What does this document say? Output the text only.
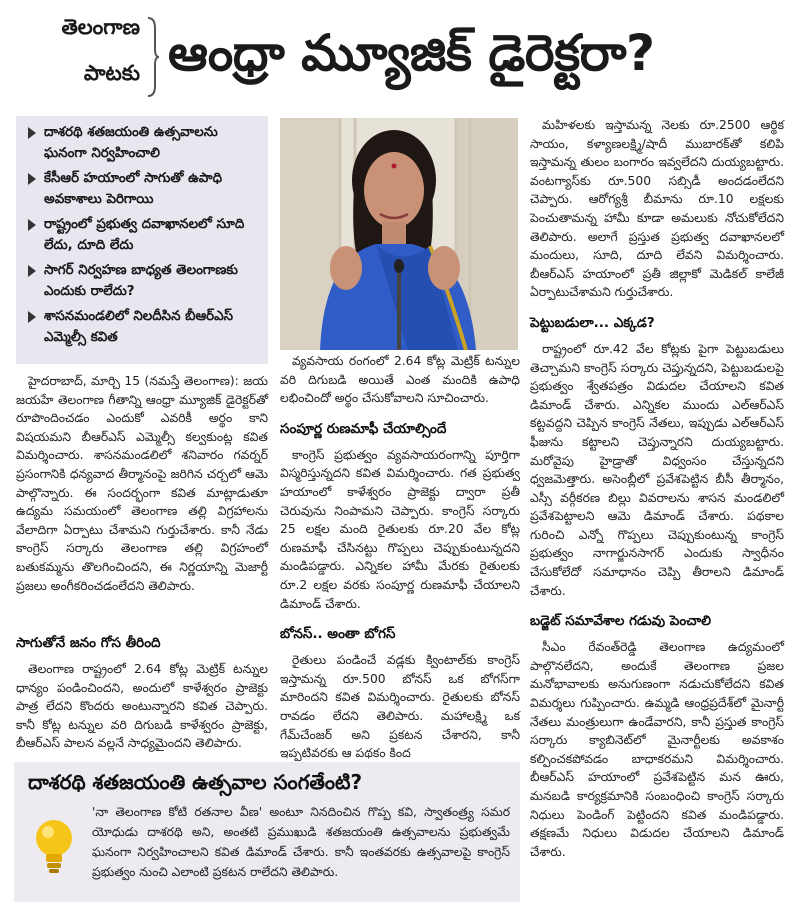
తెలంగాణ
పాటకు ఆంధ్రా మ్యూజిక్ డైరెక్టరా?
దాశరథి శతజయంతి ఉత్సవాలను ఘనంగా నిర్వహించాలి
కేసీఆర్ హయాంలో సాగుతో ఉపాధి అవకాశాలు పెరిగాయి
రాష్ట్రంలో ప్రభుత్వ దవాఖానలలో సూది లేదు, దూది లేదు
సాగర్ నిర్వహణ బాధ్యత తెలంగాణకు ఎందుకు రాలేదు?
శాసనమండలిలో నిలదీసిన బీఆర్ఎస్ ఎమ్మెల్సీ కవిత

హైదరాబాద్, మార్చి 15 (నమస్తే తెలంగాణ): జయ జయహే తెలంగాణ గీతాన్ని ఆంధ్రా మ్యూజిక్ డైరెక్టర్‌తో రూపొందించడం ఎందుకో ఎవరికీ అర్థం కాని విషయమని బీఆర్ఎస్ ఎమ్మెల్సీ కల్వకుంట్ల కవిత విమర్శించారు. శాసనమండలిలో శనివారం గవర్నర్ ప్రసంగానికి ధన్యవాద తీర్మానంపై జరిగిన చర్చలో ఆమె పాల్గొన్నారు. ఈ సందర్భంగా కవిత మాట్లాడుతూ ఉద్యమ సమయంలో తెలంగాణ తల్లి విగ్రహాలను వేలాదిగా ఏర్పాటు చేశామని గుర్తుచేశారు. కానీ నేడు కాంగ్రెస్ సర్కారు తెలంగాణ తల్లి విగ్రహంలో బతుకమ్మను తొలగించిందని, ఈ నిర్ణయాన్ని మెజార్టీ ప్రజలు అంగీకరించడంలేదని తెలిపారు.

సాగుతోనే జనం గోస తీరింది

తెలంగాణ రాష్ట్రంలో 2.64 కోట్ల మెట్రిక్ టన్నుల ధాన్యం పండించిందని, అందులో కాళేశ్వరం ప్రాజెక్టు పాత్ర లేదని కొందరు అంటున్నారని కవిత చెప్పారు. కానీ కోట్ల టన్నుల వరి దిగుబడి కాళేశ్వరం ప్రాజెక్టు, బీఆర్ఎస్ పాలన వల్లనే సాధ్యమైందని తెలిపారు.

వ్యవసాయ రంగంలో 2.64 కోట్ల మెట్రిక్ టన్నుల వరి దిగుబడి అయితే ఎంత మందికి ఉపాధి లభించిందో అర్థం చేసుకోవాలని సూచించారు.

సంపూర్ణ రుణమాఫీ చేయాల్సిందే

కాంగ్రెస్ ప్రభుత్వం వ్యవసాయరంగాన్ని పూర్తిగా విస్మరిస్తున్నదని కవిత విమర్శించారు. గత ప్రభుత్వ హయాంలో కాళేశ్వరం ప్రాజెక్టు ద్వారా ప్రతీ చెరువును నింపామని చెప్పారు. కాంగ్రెస్ సర్కారు 25 లక్షల మంది రైతులకు రూ.20 వేల కోట్ల రుణమాఫీ చేసినట్టు గొప్పలు చెప్పుకుంటున్నదని మండిపడ్డారు. ఎన్నికల హామీ మేరకు రైతులకు రూ.2 లక్షల వరకు సంపూర్ణ రుణమాఫీ చేయాలని డిమాండ్ చేశారు.

బోనస్.. అంతా బోగస్

రైతులు పండించే వడ్లకు క్వింటాల్‌కు కాంగ్రెస్ ఇస్తామన్న రూ.500 బోనస్ ఒక బోగస్‌గా మారిందని కవిత విమర్శించారు. రైతులకు బోనస్ రావడం లేదని తెలిపారు. మహాలక్ష్మి ఒక గేమ్‌చేంజర్ అని ప్రకటన చేశారని, కానీ ఇప్పటివరకు ఆ పథకం కింద

మహిళలకు ఇస్తామన్న నెలకు రూ.2500 ఆర్థిక సాయం, కళ్యాణలక్ష్మి/షాదీ ముబారక్‌తో కలిపి ఇస్తామన్న తులం బంగారం ఇవ్వలేదని దుయ్యబట్టారు. వంటగ్యాస్‌కు రూ.500 సబ్సిడీ అందడంలేదని చెప్పారు. ఆరోగ్యశ్రీ బీమాను రూ.10 లక్షలకు పెంచుతామన్న హామీ కూడా అమలుకు నోచుకోలేదని తెలిపారు. అలాగే ప్రస్తుత ప్రభుత్వ దవాఖానలలో మందులు, సూది, దూది లేవని విమర్శించారు. బీఆర్ఎస్ హయాంలో ప్రతీ జిల్లాకో మెడికల్ కాలేజీ ఏర్పాటుచేశామని గుర్తుచేశారు.

పెట్టుబడులా... ఎక్కడ?

రాష్ట్రంలో రూ.42 వేల కోట్లకు పైగా పెట్టుబడులు తెచ్చామని కాంగ్రెస్ సర్కారు చెప్తున్నదని, పెట్టుబడులపై ప్రభుత్వం శ్వేతపత్రం విడుదల చేయాలని కవిత డిమాండ్ చేశారు. ఎన్నికల ముందు ఎల్ఆర్ఎస్ కట్టవద్దని చెప్పిన కాంగ్రెస్ నేతలు, ఇప్పుడు ఎల్ఆర్ఎస్ ఫీజును కట్టాలని చెప్తున్నారని దుయ్యబట్టారు. మరోవైపు హైడ్రాతో విధ్వంసం చేస్తున్నదని ధ్వజమెత్తారు. అసెంబ్లీలో ప్రవేశపెట్టిన బీసీ తీర్మానం, ఎస్సీ వర్గీకరణ బిల్లు వివరాలను శాసన మండలిలో ప్రవేశపెట్టాలని ఆమె డిమాండ్ చేశారు. పథకాల గురించి ఎన్నో గొప్పలు చెప్పుకుంటున్న కాంగ్రెస్ ప్రభుత్వం నాగార్జునసాగర్ ఎందుకు స్వాధీనం చేసుకోలేదో సమాధానం చెప్పి తీరాలని డిమాండ్ చేశారు.

బడ్జెట్ సమావేశాల గడువు పెంచాలి

సీఎం రేవంత్‌రెడ్డి తెలంగాణ ఉద్యమంలో పాల్గొనలేదని, అందుకే తెలంగాణ ప్రజల మనోభావాలకు అనుగుణంగా నడుచుకోలేదని కవిత విమర్శలు గుప్పించారు. ఉమ్మడి ఆంధ్రప్రదేశ్‌లో మైనార్టీ నేతలు మంత్రులుగా ఉండేవారని, కానీ ప్రస్తుత కాంగ్రెస్ సర్కారు క్యాబినెట్‌లో మైనార్టీలకు అవకాశం కల్పించకపోవడం బాధాకరమని విమర్శించారు. బీఆర్ఎస్ హయాంలో ప్రవేశపెట్టిన మన ఊరు, మనబడి కార్యక్రమానికి సంబంధించి కాంగ్రెస్ సర్కారు నిధులు పెండింగ్ పెట్టిందని కవిత మండిపడ్డారు. తక్షణమే నిధులు విడుదల చేయాలని డిమాండ్ చేశారు.

దాశరథి శతజయంతి ఉత్సవాల సంగతేంటి?
'నా తెలంగాణ కోటి రతనాల వీణ' అంటూ నినదించిన గొప్ప కవి, స్వాతంత్ర్య సమర యోధుడు దాశరథి అని, అంతటి ప్రముఖుడి శతజయంతి ఉత్సవాలను ప్రభుత్వమే ఘనంగా నిర్వహించాలని కవిత డిమాండ్ చేశారు. కానీ ఇంతవరకు ఉత్సవాలపై కాంగ్రెస్ ప్రభుత్వం నుంచి ఎలాంటి ప్రకటన రాలేదని తెలిపారు.
